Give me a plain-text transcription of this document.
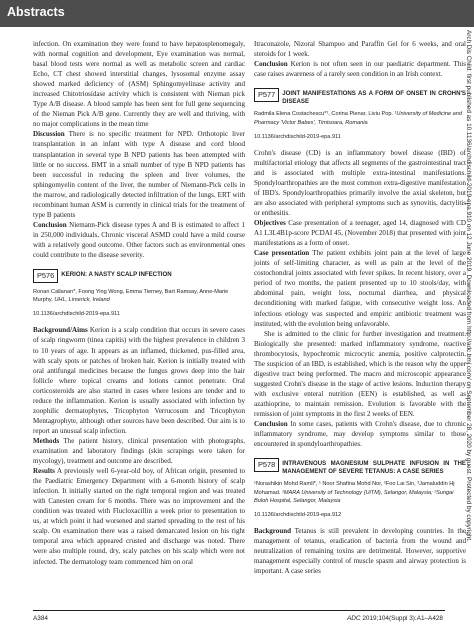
Abstracts

infection. On examination they were found to have hepatosplenomegaly, with normal cognition and development, Eye examination was normal, basal blood tests were normal as well as metabolic screen and cardiac Echo, CT chest showed interstitial changes, lysosomal enzyme assay showed marked deficiency of (ASM) Sphingomyelinase activity and increased Chitotriosidase activity which is consistent with Nieman pick Type A/B disease. A blood sample has been sent for full gene sequencing of the Nieman Pick A/B gene. Currently they are well and thriving, with no major complications in the mean time

Discussion There is no specific treatment for NPD. Orthotopic liver transplantation in an infant with type A disease and cord blood transplantation in several type B NPD patients has been attempted with little or no success. BMT in a small number of type B NPD patients has been successful in reducing the spleen and liver volumes, the sphingomyelin content of the liver, the number of Niemann-Pick cells in the marrow, and radiologically detected infiltration of the lungs. ERT with recombinant human ASM is currently in clinical trials for the treatment of type B patients

Conclusion Niemann-Pick disease types A and B is estimated to affect 1 in 250,000 individuals, Chronic visceral ASMD could have a mild course with a relatively good outcome. Other factors such as environmental ones could contribute to the disease severity.

P576	KERION: A NASTY SCALP INFECTION
Ronan Callanan*, Foong Ying Wong, Emma Tierney, Bart Ramsay, Anne-Marie Murphy. UHL, Limerick, Ireland
10.1136/archdischild-2019-epa.911

Background/Aims Kerion is a scalp condition that occurs in severe cases of scalp ringworm (tinea capitis) with the highest prevalence in children 3 to 10 years of age. It appears as an inflamed, thickened, pus-filled area, with scaly spots or patches of broken hair. Kerion is initially treated with oral antifungal medicines because the fungus grows deep into the hair follicle where topical creams and lotions cannot penetrate. Oral corticosteroids are also started in cases where lesions are tender and to reduce the inflammation. Kerion is usually associated with infection by zoophilic dermatophytes, Tricophyton Verrucosum and Tricophyton Mentagrophyte, although other sources have been described. Our aim is to report an unusual scalp infection.

Methods The patient history, clinical presentation with photographs, examination and laboratory findings (skin scrapings were taken for mycology), treatment and outcome are described.

Results A previously well 6-year-old boy, of African origin, presented to the Paediatric Emergency Department with a 6-month history of scalp infection. It initially started on the right temporal region and was treated with Canesten cream for 6 months. There was no improvement and the condition was treated with Flucloxacillin a week prior to presentation to us, at which point it had worsened and started spreading to the rest of his scalp. On examination there was a raised demarcated lesion on his right temporal area which appeared crusted and discharge was noted. There were also multiple round, dry, scaly patches on his scalp which were not infected. The dermatology team commenced him on oral

Itraconazole, Nizoral Shampoo and Paraffin Gel for 6 weeks, and oral steroids for 1 week.

Conclusion Kerion is not often seen in our paediatric department. This case raises awareness of a rarely seen condition in an Irish context.

P577	JOINT MANIFESTATIONS AS A FORM OF ONSET IN CROHN'S DISEASE
Radmila Elena Costachescu*¹, Corina Pienar, Liviu Pop. ¹University of Medicine and Pharmacy 'Victor Babes', Timisoara, Romania
10.1136/archdischild-2019-epa.911

Crohn's disease (CD) is an inflammatory bowel disease (IBD) of multifactorial etiology that affects all segments of the gastrointestinal tract and is associated with multiple extra-intestinal manifestations. Spondyloarthropathies are the most common extra-digestive manifestation of IBD's. Spondyloarthropathies primarily involve the axial skeleton, but are also associated with peripheral symptoms such as synovitis, dactylitis or enthesitis.

Objectives Case presentation of a teenager, aged 14, diagnosed with CD A1 L3L4B1p-score PCDAI 45, (November 2018) that presented with joint manifestations as a form of onset.

Case presentation The patient exhibits joint pain at the level of large joints of self-limiting character, as well as pain at the level of the costochondral joints associated with fever spikes. In recent history, over a period of two months, the patient presented up to 10 stools/day, with abdominal pain, weight loss, nocturnal diarrhea, and physical deconditioning with marked fatigue, with consecutive weight loss. An infectious etiology was suspected and empiric antibiotic treatment was instituted, with the evolution being unfavorable.

She is admitted to the clinic for further investigation and treatment. Biologically she presented: marked inflammatory syndrome, reactive thrombocytosis, hypochromic microcytic anemia, positive calprotectin. The suspicion of an IBD, is established, which is the reason why the upper digestive tract being performed. The macro and microscopic appearance suggested Crohn's disease in the stage of active lesions. Induction therapy with exclusive enteral nutrition (EEN) is established, as well as azathioprine, to maintain remission. Evolution is favorable with the remission of joint symptoms in the first 2 weeks of EEN.

Conclusion In some cases, patients with Crohn's disease, due to chronic inflammatory syndrome, may develop symptoms similar to those encountered in spondyloarthropathies.

P578	INTRAVENOUS MAGNESIUM SULPHATE INFUSION IN THE MANAGEMENT OF SEVERE TETANUS: A CASE SERIES
¹Norashikin Mohd Ramli*, ¹ Noor Shafina Mohd Nor, ²Foo Lai Sin, ³Jamaluddin Hj Mohamad. ¹MARA University of Technology (UiTM), Selangor, Malaysia; ²Sungai Buloh Hospital, Selangor, Malaysia
10.1136/archdischild-2019-epa.912

Background Tetanus is still prevalent in developing countries. In the management of tetanus, eradication of bacteria from the wound and neutralization of remaining toxins are detrimental. However, supportive management especially control of muscle spasm and airway protection is important. A case series

Arch Dis Child: first published as 10.1136/archdischild-2019-epa.910 on 12 June 2019. Downloaded from http://adc.bmj.com/ on September 28, 2020 by guest. Protected by copyright.
A384	ADC 2019;104(Suppl 3):A1–A428
